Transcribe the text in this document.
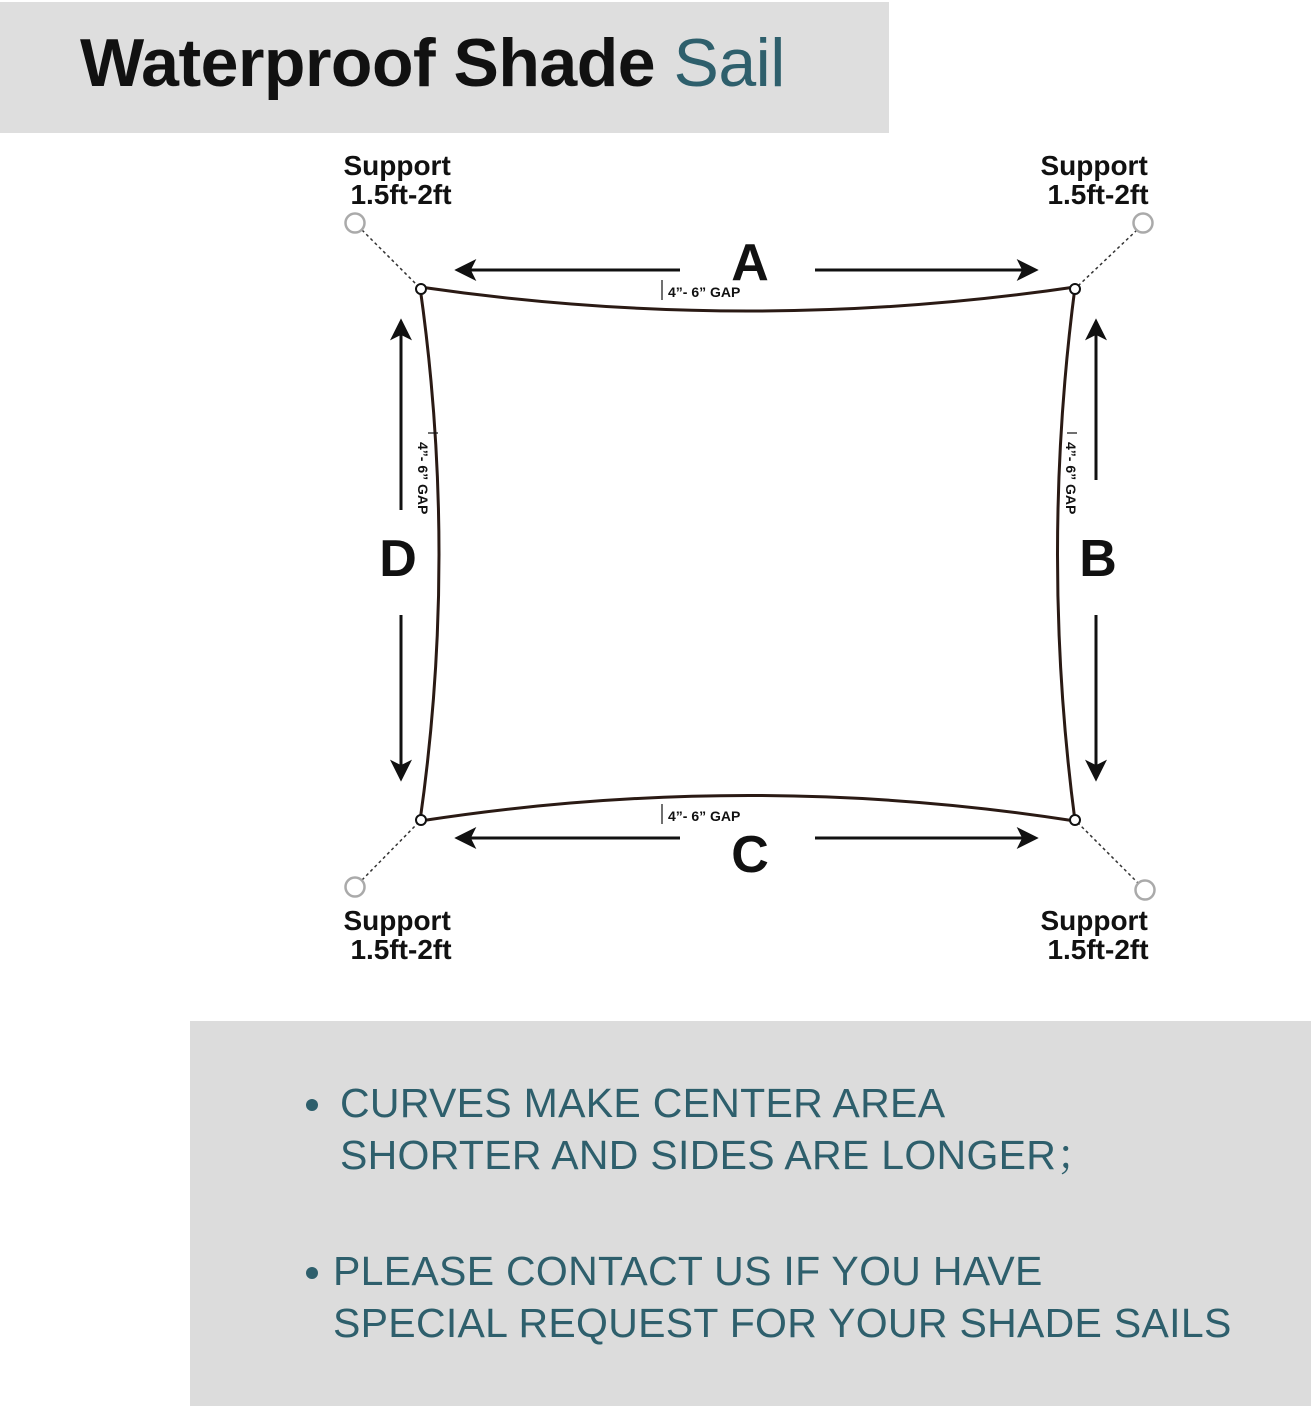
Waterproof Shade Sail
Support 1.5ft-2ft
Support 1.5ft-2ft
Support 1.5ft-2ft
Support 1.5ft-2ft
A
C
D	B
4”- 6” GAP
4”- 6” GAP
4”- 6” GAP	4”- 6” GAP
CURVES MAKE CENTER AREA
SHORTER AND SIDES ARE LONGER；
PLEASE CONTACT US IF YOU HAVE
SPECIAL REQUEST FOR YOUR SHADE SAILS
